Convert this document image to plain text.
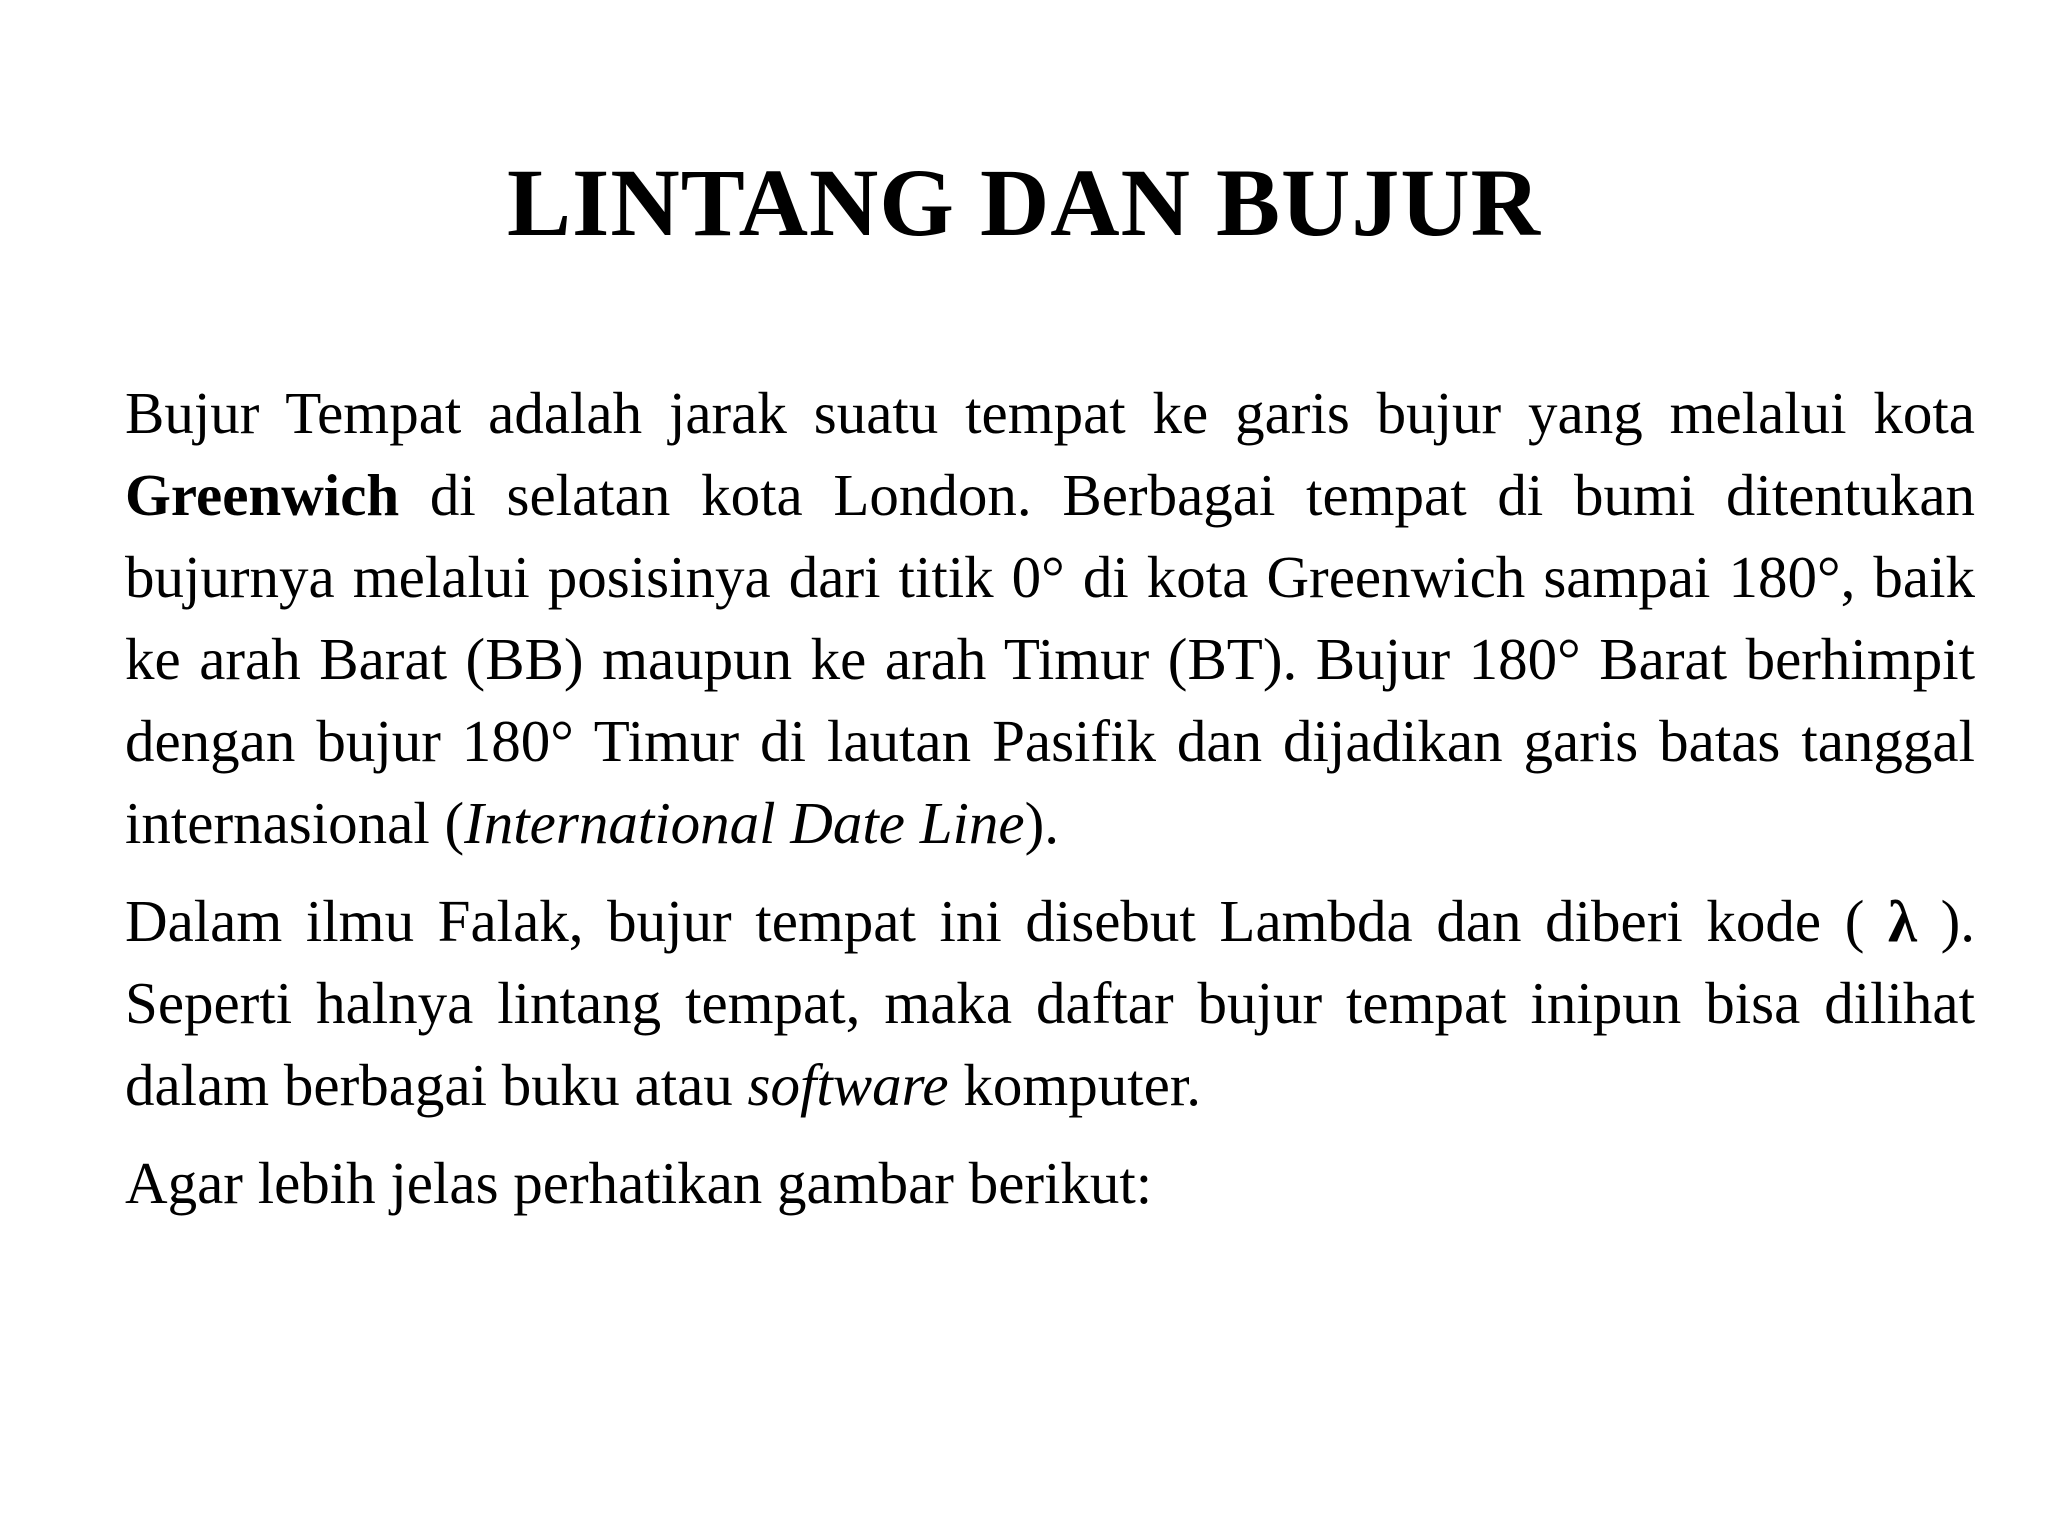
LINTANG DAN BUJUR

Bujur Tempat adalah jarak suatu tempat ke garis bujur yang melalui kota Greenwich di selatan kota London. Berbagai tempat di bumi ditentukan bujurnya melalui posisinya dari titik 0° di kota Greenwich sampai 180°, baik ke arah Barat (BB) maupun ke arah Timur (BT). Bujur 180° Barat berhimpit dengan bujur 180° Timur di lautan Pasifik dan dijadikan garis batas tanggal internasional (International Date Line).

Dalam ilmu Falak, bujur tempat ini disebut Lambda dan diberi kode ( λ ). Seperti halnya lintang tempat, maka daftar bujur tempat inipun bisa dilihat dalam berbagai buku atau software komputer.

Agar lebih jelas perhatikan gambar berikut:
